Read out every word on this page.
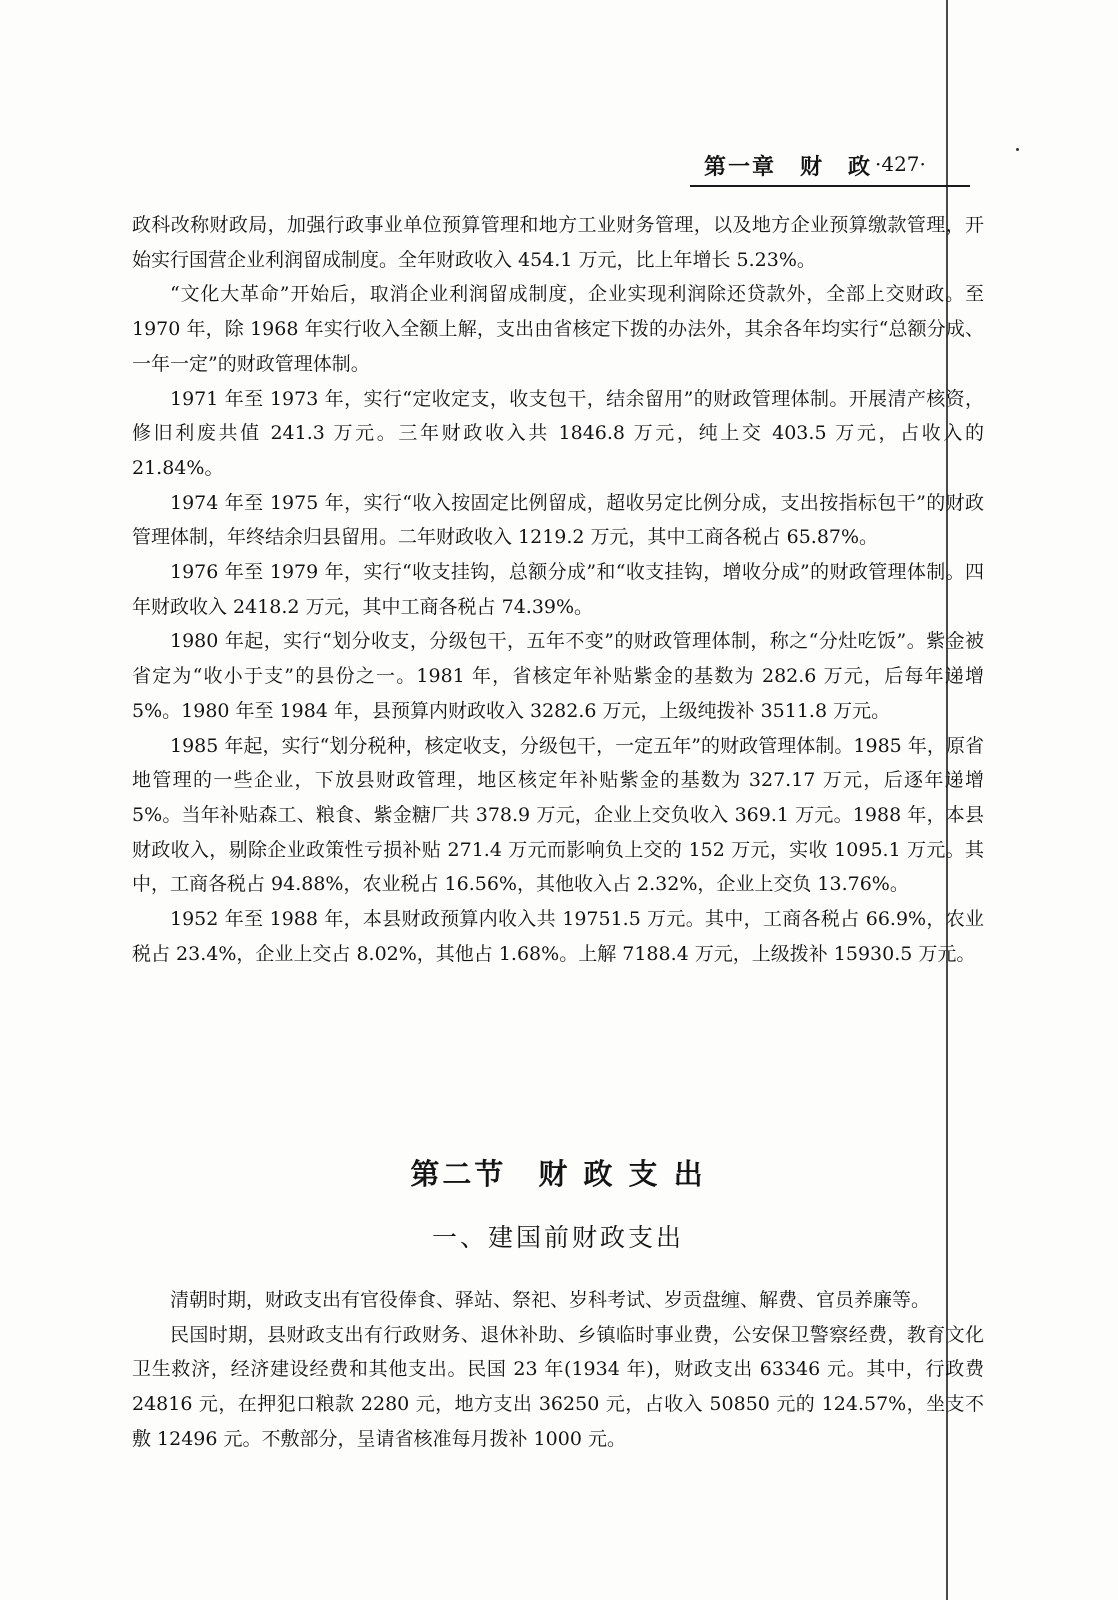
第一章　财　政 ·427·

政科改称财政局，加强行政事业单位预算管理和地方工业财务管理，以及地方企业预算缴款管理，开始实行国营企业利润留成制度。全年财政收入 454.1 万元，比上年增长 5.23%。

“文化大革命”开始后，取消企业利润留成制度，企业实现利润除还贷款外，全部上交财政。至 1970 年，除 1968 年实行收入全额上解，支出由省核定下拨的办法外，其余各年均实行“总额分成、一年一定”的财政管理体制。

1971 年至 1973 年，实行“定收定支，收支包干，结余留用”的财政管理体制。开展清产核资，修旧利废共值 241.3 万元。三年财政收入共 1846.8 万元，纯上交 403.5 万元，占收入的 21.84%。

1974 年至 1975 年，实行“收入按固定比例留成，超收另定比例分成，支出按指标包干”的财政管理体制，年终结余归县留用。二年财政收入 1219.2 万元，其中工商各税占 65.87%。

1976 年至 1979 年，实行“收支挂钩，总额分成”和“收支挂钩，增收分成”的财政管理体制。四年财政收入 2418.2 万元，其中工商各税占 74.39%。

1980 年起，实行“划分收支，分级包干，五年不变”的财政管理体制，称之“分灶吃饭”。紫金被省定为“收小于支”的县份之一。1981 年，省核定年补贴紫金的基数为 282.6 万元，后每年递增 5%。1980 年至 1984 年，县预算内财政收入 3282.6 万元，上级纯拨补 3511.8 万元。

1985 年起，实行“划分税种，核定收支，分级包干，一定五年”的财政管理体制。1985 年，原省地管理的一些企业，下放县财政管理，地区核定年补贴紫金的基数为 327.17 万元，后逐年递增 5%。当年补贴森工、粮食、紫金糖厂共 378.9 万元，企业上交负收入 369.1 万元。1988 年，本县财政收入，剔除企业政策性亏损补贴 271.4 万元而影响负上交的 152 万元，实收 1095.1 万元。其中，工商各税占 94.88%，农业税占 16.56%，其他收入占 2.32%，企业上交负 13.76%。

1952 年至 1988 年，本县财政预算内收入共 19751.5 万元。其中，工商各税占 66.9%，农业税占 23.4%，企业上交占 8.02%，其他占 1.68%。上解 7188.4 万元，上级拨补 15930.5 万元。

第二节　财 政 支 出
一、建国前财政支出

清朝时期，财政支出有官役俸食、驿站、祭祀、岁科考试、岁贡盘缠、解费、官员养廉等。

民国时期，县财政支出有行政财务、退休补助、乡镇临时事业费，公安保卫警察经费，教育文化卫生救济，经济建设经费和其他支出。民国 23 年(1934 年)，财政支出 63346 元。其中，行政费 24816 元，在押犯口粮款 2280 元，地方支出 36250 元，占收入 50850 元的 124.57%，坐支不敷 12496 元。不敷部分，呈请省核准每月拨补 1000 元。
